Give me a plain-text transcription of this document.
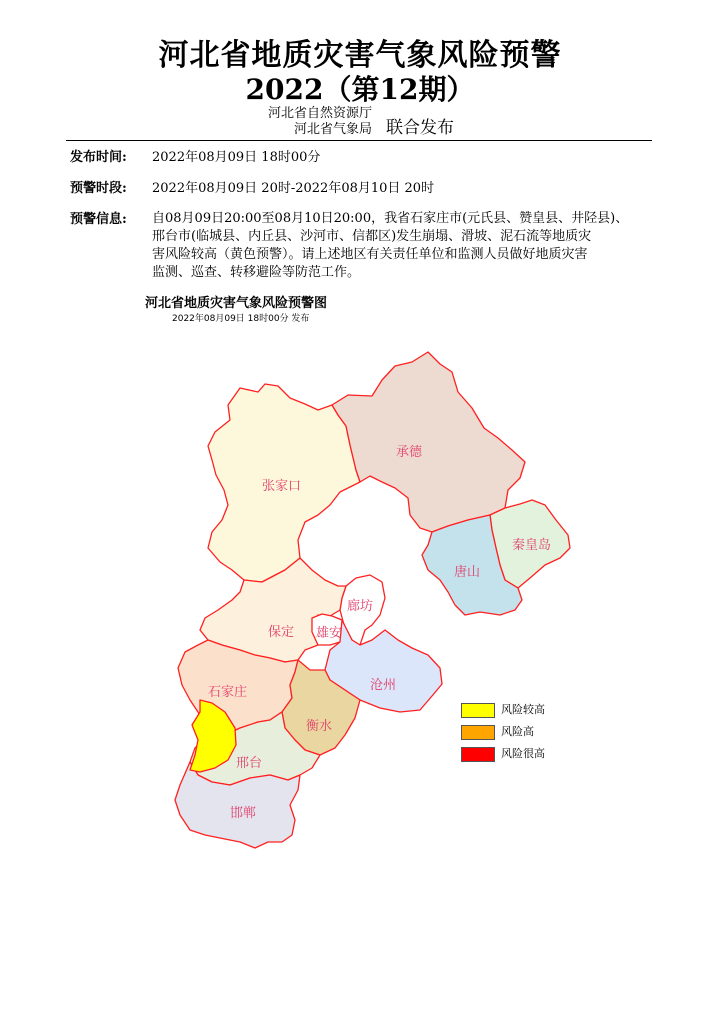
河北省地质灾害气象风险预警
2022（第12期）
河北省自然资源厅
河北省气象局 联合发布
发布时间: 2022年08月09日 18时00分
预警时段: 2022年08月09日 20时-2022年08月10日 20时
预警信息: 自08月09日20:00至08月10日20:00，我省石家庄市(元氏县、赞皇县、井陉县)、
邢台市(临城县、内丘县、沙河市、信都区)发生崩塌、滑坡、泥石流等地质灾
害风险较高（黄色预警）。请上述地区有关责任单位和监测人员做好地质灾害
监测、巡查、转移避险等防范工作。
河北省地质灾害气象风险预警图
2022年08月09日 18时00分 发布
张家口
承德
秦皇岛
唐山
廊坊
保定 雄安
沧州
石家庄
衡水
邢台
邯郸
风险较高
风险高
风险很高
